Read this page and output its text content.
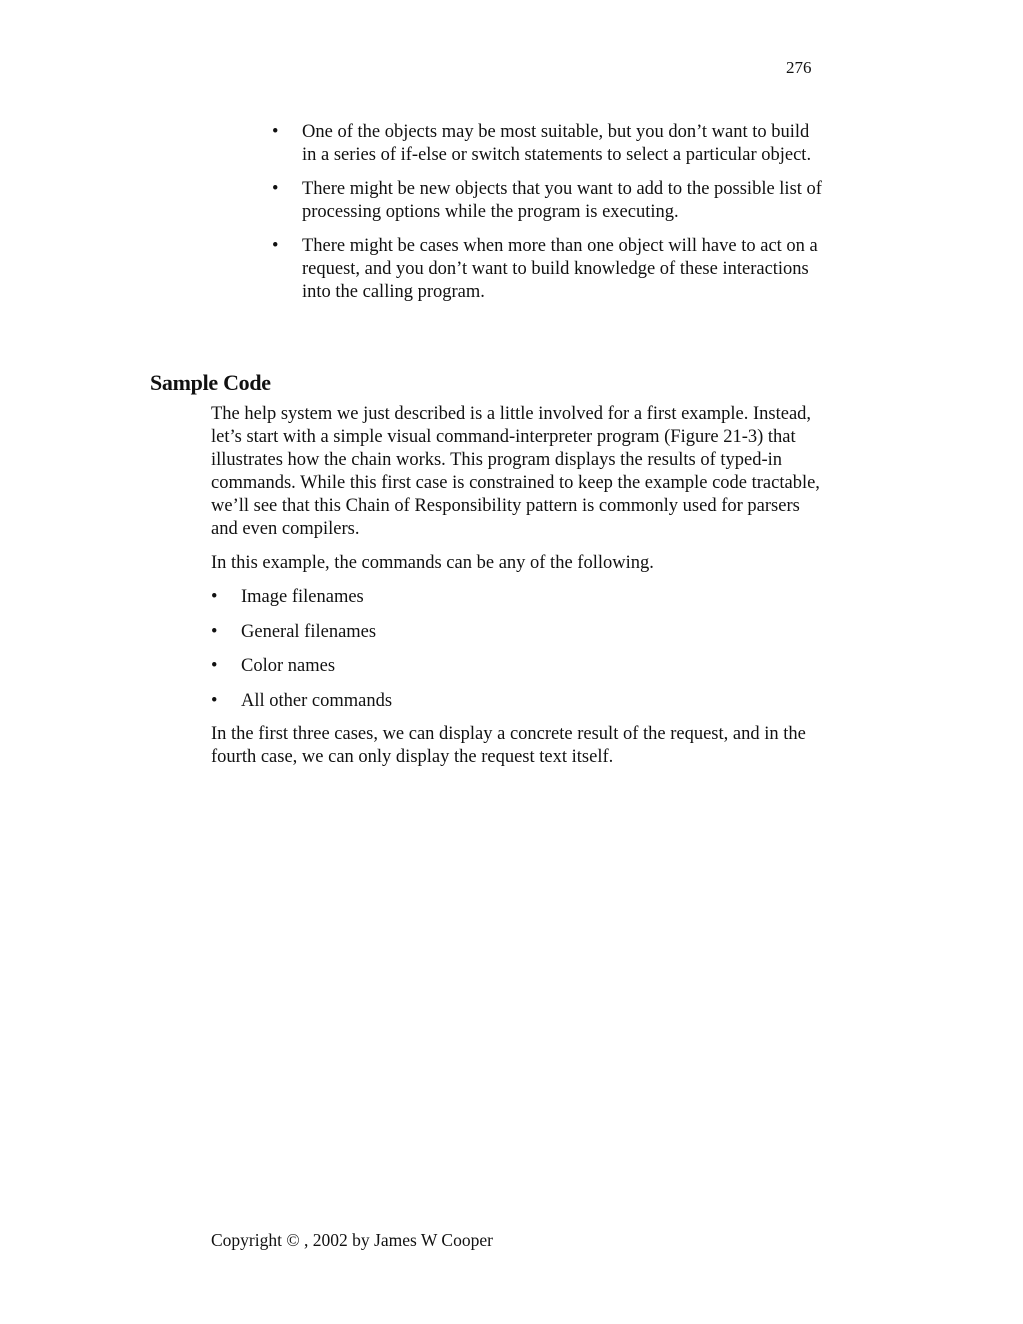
276
• One of the objects may be most suitable, but you don’t want to build in a series of if-else or switch statements to select a particular object.
• There might be new objects that you want to add to the possible list of processing options while the program is executing.
• There might be cases when more than one object will have to act on a request, and you don’t want to build knowledge of these interactions into the calling program.
Sample Code

The help system we just described is a little involved for a first example. Instead, let’s start with a simple visual command-interpreter program (Figure 21-3) that illustrates how the chain works. This program displays the results of typed-in commands. While this first case is constrained to keep the example code tractable, we’ll see that this Chain of Responsibility pattern is commonly used for parsers and even compilers.

In this example, the commands can be any of the following.

• Image filenames
• General filenames
• Color names
• All other commands

In the first three cases, we can display a concrete result of the request, and in the fourth case, we can only display the request text itself.

Copyright © , 2002 by James W Cooper
